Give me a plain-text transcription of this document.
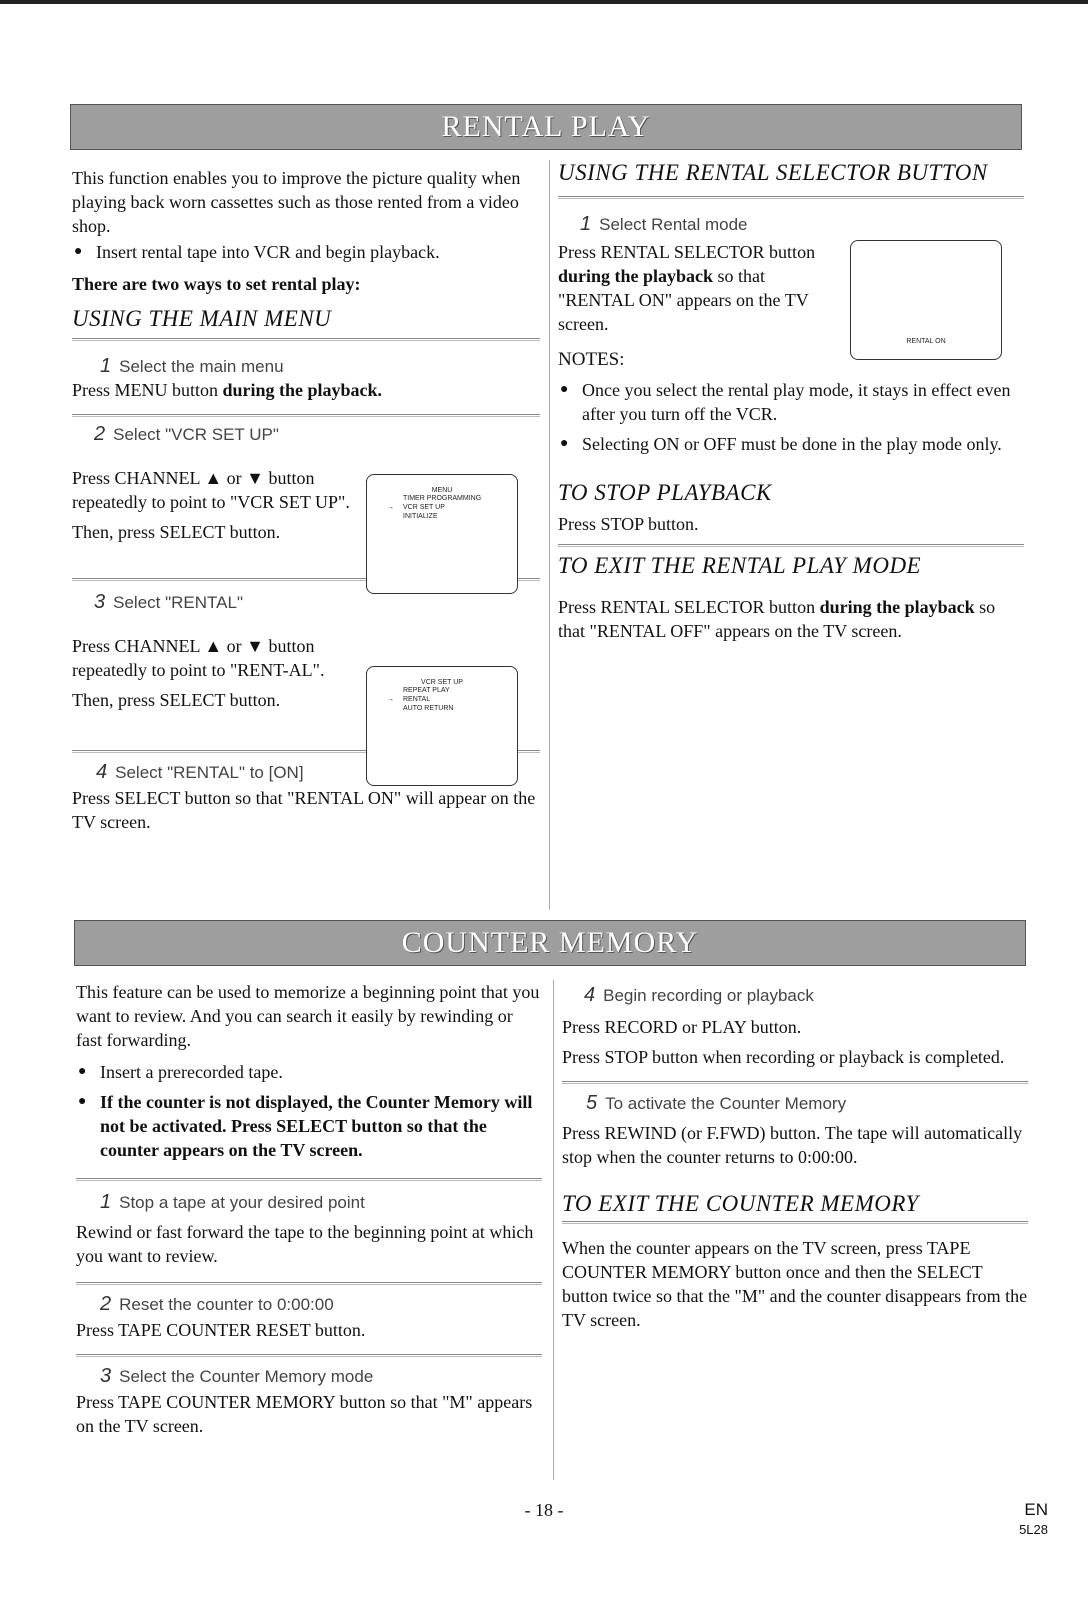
RENTAL PLAY

This function enables you to improve the picture quality when playing back worn cassettes such as those rented from a video shop.

● Insert rental tape into VCR and begin playback.

There are two ways to set rental play:

USING THE MAIN MENU

1 Select the main menu

Press MENU button during the playback.

2 Select "VCR SET UP"

Press CHANNEL ▲ or ▼ button repeatedly to point to "VCR SET UP".

Then, press SELECT button.

3 Select "RENTAL"

Press CHANNEL ▲ or ▼ button repeatedly to point to "RENT-AL".

Then, press SELECT button.

4 Select "RENTAL" to [ON]

Press SELECT button so that "RENTAL ON" will appear on the TV screen.

MENU
TIMER PROGRAMMING
→ VCR SET UP
INITIALIZE
VCR SET UP
REPEAT PLAY
→ RENTAL
AUTO RETURN

USING THE RENTAL SELECTOR BUTTON

1 Select Rental mode

Press RENTAL SELECTOR button during the playback so that "RENTAL ON" appears on the TV screen.

NOTES:

● Once you select the rental play mode, it stays in effect even after you turn off the VCR.

● Selecting ON or OFF must be done in the play mode only.

TO STOP PLAYBACK

Press STOP button.

TO EXIT THE RENTAL PLAY MODE

Press RENTAL SELECTOR button during the playback so that "RENTAL OFF" appears on the TV screen.

RENTAL ON
COUNTER MEMORY

This feature can be used to memorize a beginning point that you want to review. And you can search it easily by rewinding or fast forwarding.

● Insert a prerecorded tape.

● If the counter is not displayed, the Counter Memory will not be activated. Press SELECT button so that the counter appears on the TV screen.

1 Stop a tape at your desired point

Rewind or fast forward the tape to the beginning point at which you want to review.

2 Reset the counter to 0:00:00

Press TAPE COUNTER RESET button.

3 Select the Counter Memory mode

Press TAPE COUNTER MEMORY button so that "M" appears on the TV screen.

4 Begin recording or playback

Press RECORD or PLAY button.

Press STOP button when recording or playback is completed.

5 To activate the Counter Memory

Press REWIND (or F.FWD) button. The tape will automatically stop when the counter returns to 0:00:00.

TO EXIT THE COUNTER MEMORY

When the counter appears on the TV screen, press TAPE COUNTER MEMORY button once and then the SELECT button twice so that the "M" and the counter disappears from the TV screen.

- 18 -	EN
5L28
